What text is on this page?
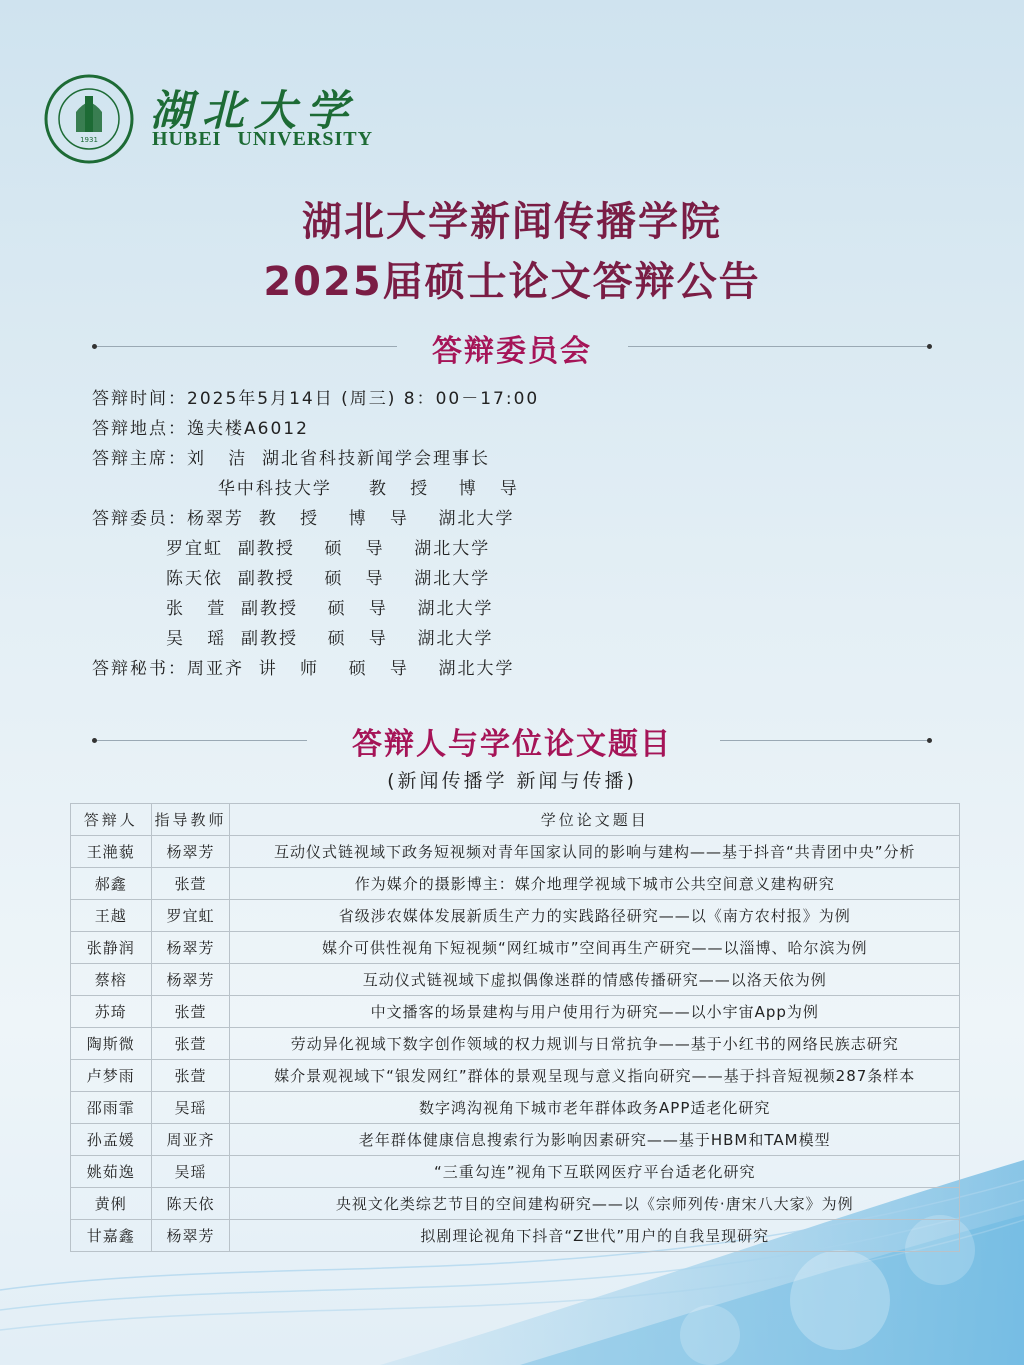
1931
湖北大学
HUBEI UNIVERSITY
湖北大学新闻传播学院
2025届硕士论文答辩公告
答辩委员会
答辩时间：2025年5月14日 (周三) 8：00－17:00
答辩地点：逸夫楼A6012
答辩主席：刘   洁  湖北省科技新闻学会理事长
华中科技大学     教   授    博   导
答辩委员：杨翠芳  教   授    博   导    湖北大学
罗宜虹  副教授    硕   导    湖北大学
陈天依  副教授    硕   导    湖北大学
张   萱  副教授    硕   导    湖北大学
吴   瑶  副教授    硕   导    湖北大学
答辩秘书：周亚齐  讲   师    硕   导    湖北大学
答辩人与学位论文题目
(新闻传播学 新闻与传播)
答辩人	指导教师	学位论文题目
王滟藐	杨翠芳	互动仪式链视域下政务短视频对青年国家认同的影响与建构——基于抖音“共青团中央”分析
郝鑫	张萱	作为媒介的摄影博主：媒介地理学视域下城市公共空间意义建构研究
王越	罗宜虹	省级涉农媒体发展新质生产力的实践路径研究——以《南方农村报》为例
张静润	杨翠芳	媒介可供性视角下短视频“网红城市”空间再生产研究——以淄博、哈尔滨为例
蔡榕	杨翠芳	互动仪式链视域下虚拟偶像迷群的情感传播研究——以洛天依为例
苏琦	张萱	中文播客的场景建构与用户使用行为研究——以小宇宙App为例
陶斯微	张萱	劳动异化视域下数字创作领域的权力规训与日常抗争——基于小红书的网络民族志研究
卢梦雨	张萱	媒介景观视域下“银发网红”群体的景观呈现与意义指向研究——基于抖音短视频287条样本
邵雨霏	吴瑶	数字鸿沟视角下城市老年群体政务APP适老化研究
孙孟媛	周亚齐	老年群体健康信息搜索行为影响因素研究——基于HBM和TAM模型
姚茹逸	吴瑶	“三重勾连”视角下互联网医疗平台适老化研究
黄俐	陈天依	央视文化类综艺节目的空间建构研究——以《宗师列传·唐宋八大家》为例
甘嘉鑫	杨翠芳	拟剧理论视角下抖音“Z世代”用户的自我呈现研究
